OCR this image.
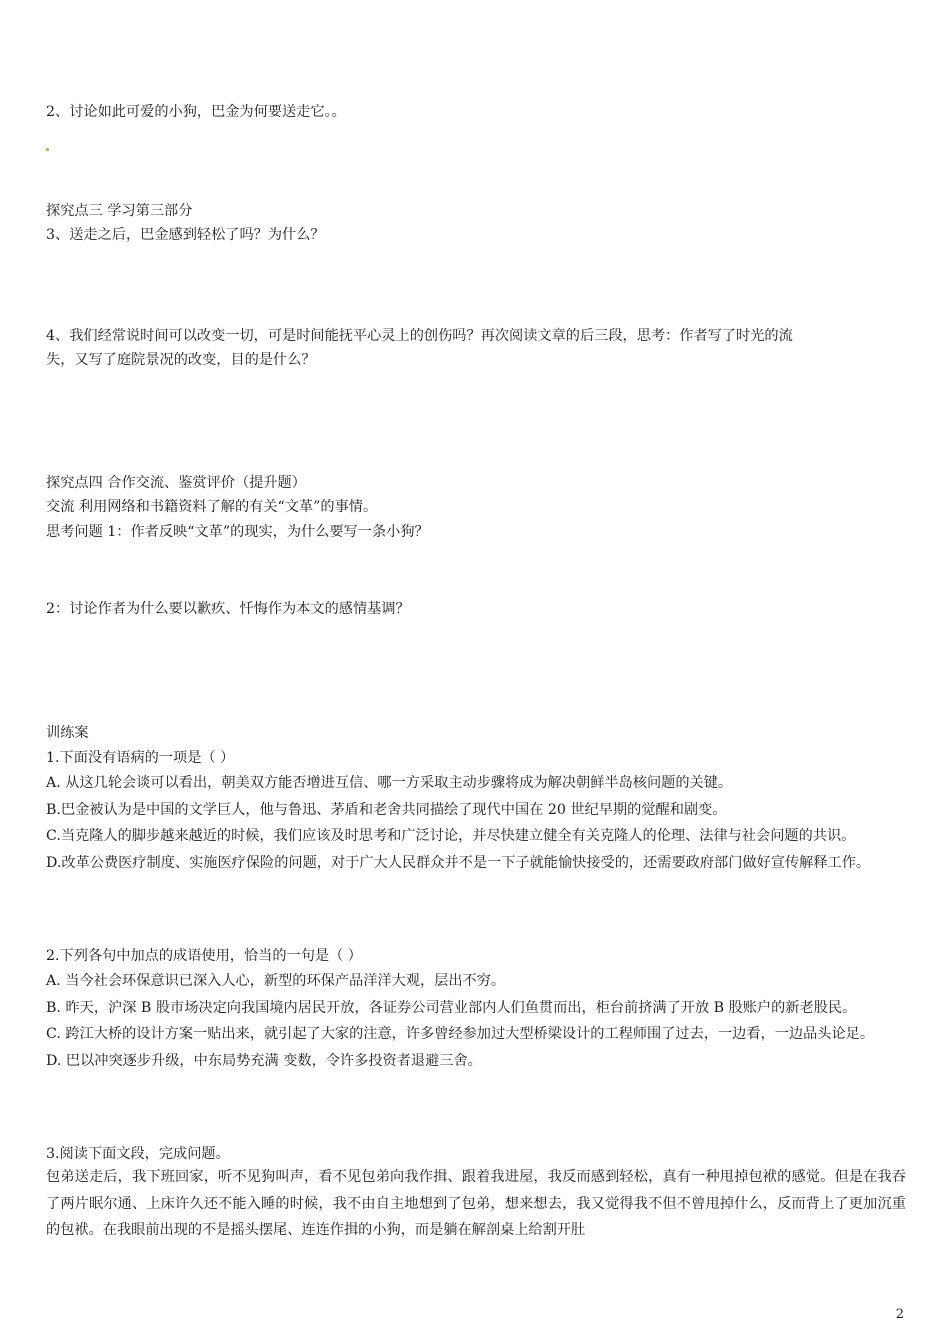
2、讨论如此可爱的小狗，巴金为何要送走它。。
探究点三 学习第三部分
3、送走之后，巴金感到轻松了吗？为什么？
4、我们经常说时间可以改变一切，可是时间能抚平心灵上的创伤吗？再次阅读文章的后三段，思考：作者写了时光的流
失，又写了庭院景况的改变，目的是什么？
探究点四 合作交流、鉴赏评价（提升题）
交流 利用网络和书籍资料了解的有关“文革”的事情。
思考问题 1：作者反映“文革”的现实，为什么要写一条小狗？
2：讨论作者为什么要以歉疚、忏悔作为本文的感情基调？
训练案
1.下面没有语病的一项是（ ）

A. 从这几轮会谈可以看出，朝美双方能否增进互信、哪一方采取主动步骤将成为解决朝鲜半岛核问题的关键。

B.巴金被认为是中国的文学巨人，他与鲁迅、茅盾和老舍共同描绘了现代中国在 20 世纪早期的觉醒和剧变。

C.当克隆人的脚步越来越近的时候，我们应该及时思考和广泛讨论，并尽快建立健全有关克隆人的伦理、法律与社会问题的共识。

D.改革公费医疗制度、实施医疗保险的问题，对于广大人民群众并不是一下子就能愉快接受的，还需要政府部门做好宣传解释工作。

2.下列各句中加点的成语使用，恰当的一句是（ ）

A. 当今社会环保意识已深入人心，新型的环保产品洋洋大观，层出不穷。

B. 昨天，沪深 B 股市场决定向我国境内居民开放，各证券公司营业部内人们鱼贯而出，柜台前挤满了开放 B 股账户的新老股民。

C. 跨江大桥的设计方案一贴出来，就引起了大家的注意，许多曾经参加过大型桥梁设计的工程师围了过去，一边看，一边品头论足。

D. 巴以冲突逐步升级，中东局势充满 变数，令许多投资者退避三舍。

3.阅读下面文段，完成问题。
包弟送走后，我下班回家，听不见狗叫声，看不见包弟向我作揖、跟着我进屋，我反而感到轻松，真有一种甩掉包袱的感觉。但是在我吞了两片眠尔通、上床许久还不能入睡的时候，我不由自主地想到了包弟，想来想去，我又觉得我不但不曾甩掉什么，反而背上了更加沉重的包袱。在我眼前出现的不是摇头摆尾、连连作揖的小狗，而是躺在解剖桌上给割开肚
2
